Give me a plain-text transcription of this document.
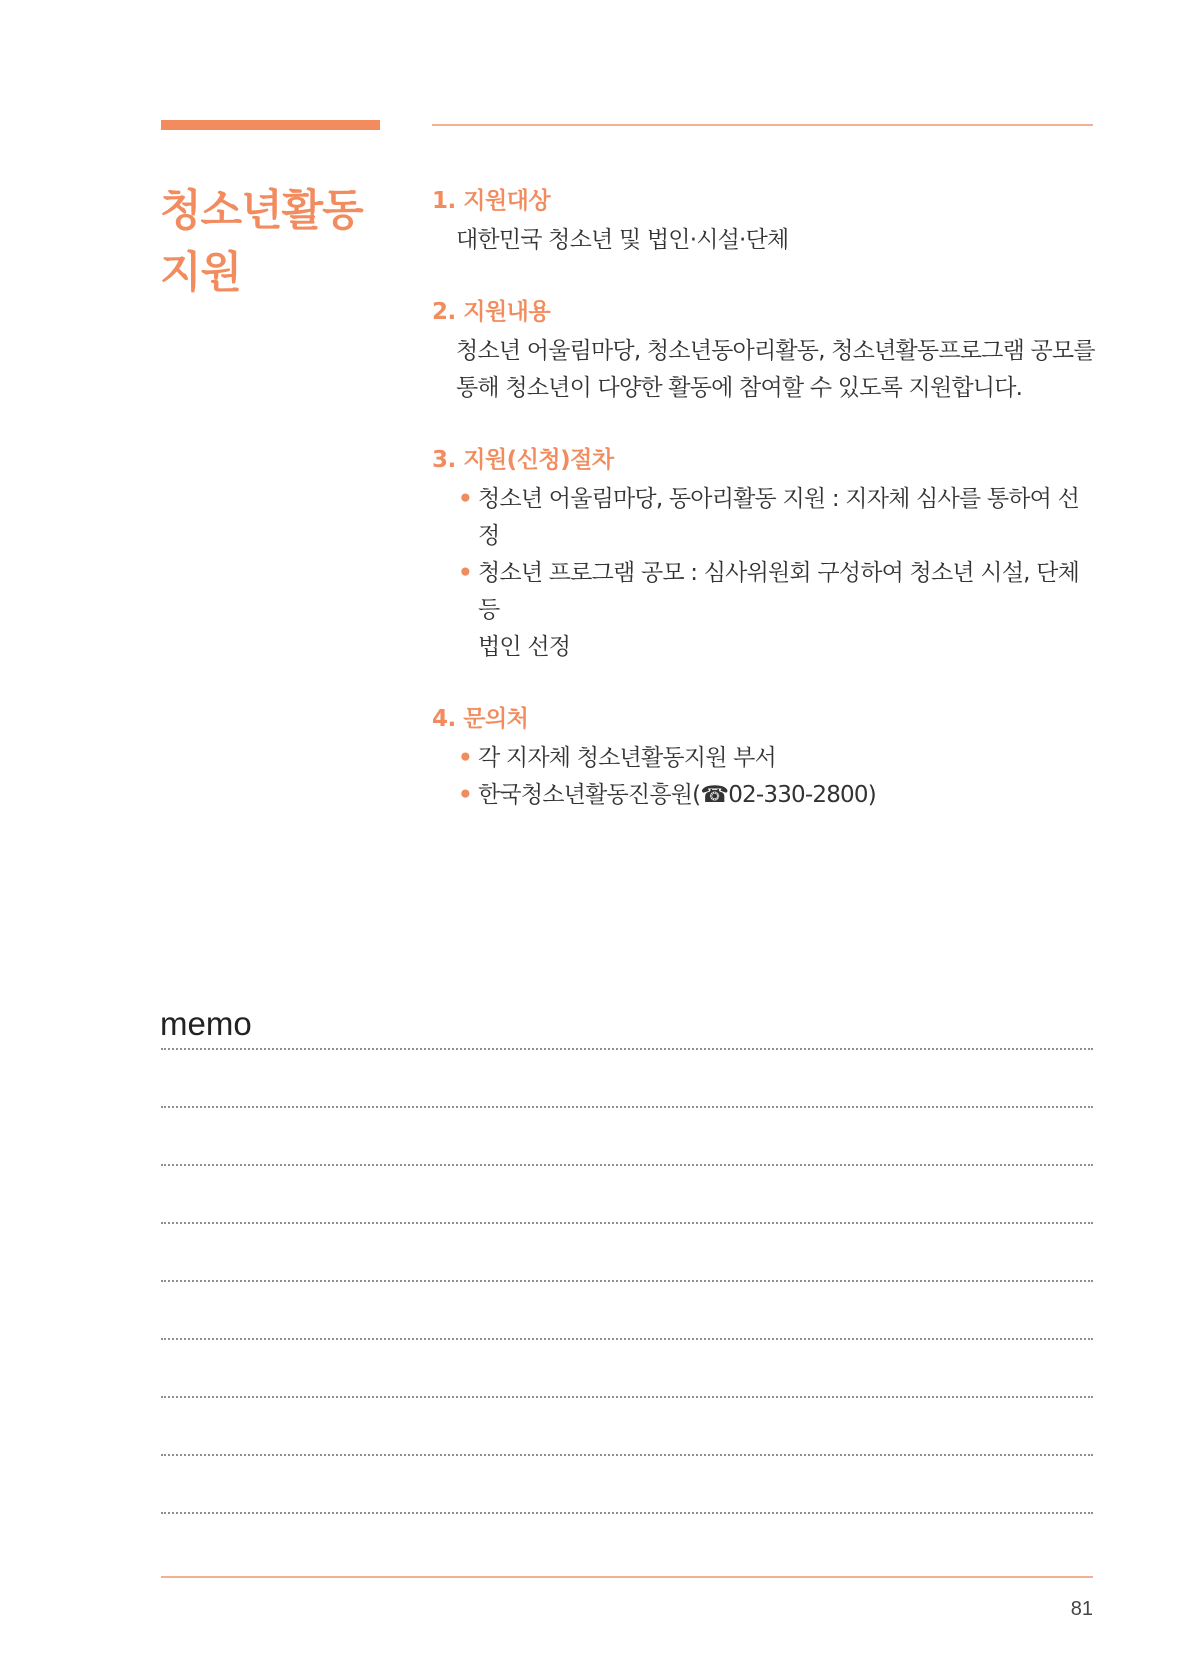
청소년활동
지원
1. 지원대상

대한민국 청소년 및 법인·시설·단체

2. 지원내용

청소년 어울림마당, 청소년동아리활동, 청소년활동프로그램 공모를
통해 청소년이 다양한 활동에 참여할 수 있도록 지원합니다.

3. 지원(신청)절차
• 청소년 어울림마당, 동아리활동 지원 : 지자체 심사를 통하여 선정
• 청소년 프로그램 공모 : 심사위원회 구성하여 청소년 시설, 단체 등
법인 선정
4. 문의처
• 각 지자체 청소년활동지원 부서
• 한국청소년활동진흥원(☎02-330-2800)
memo
81
